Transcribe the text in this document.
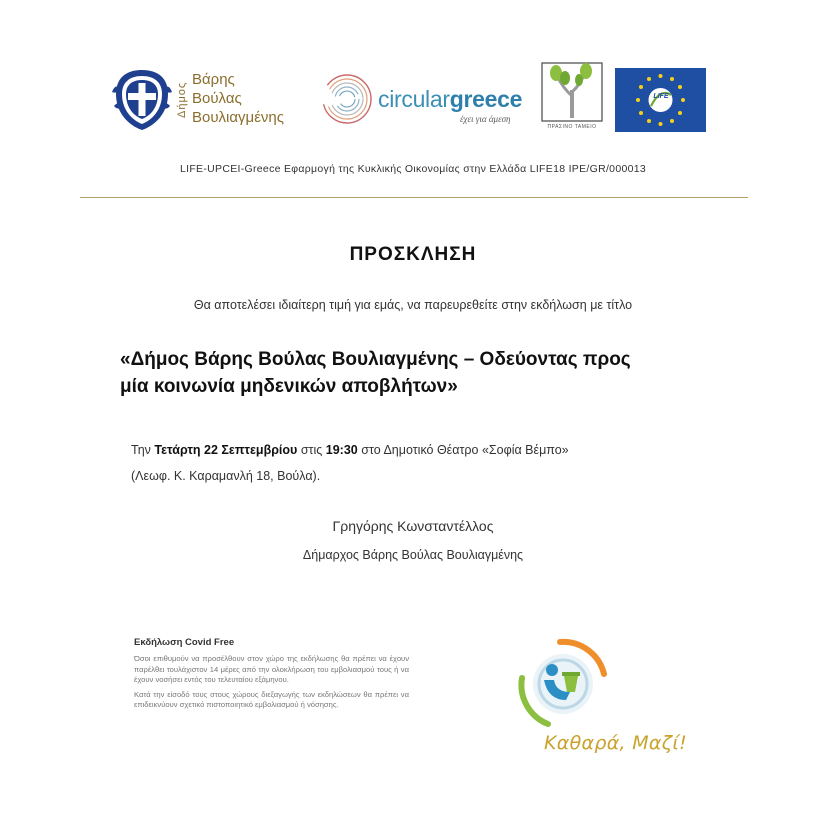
Δήμος
Βάρης
Βούλας
Βουλιαγμένης
circulargreece
έχει για άμεση
ΠΡΑΣΙΝΟ ΤΑΜΕΙΟ
LIFE
LIFE-UPCEI-Greece Εφαρμογή της Κυκλικής Οικονομίας στην Ελλάδα LIFE18 IPE/GR/000013
ΠΡΟΣΚΛΗΣΗ
Θα αποτελέσει ιδιαίτερη τιμή για εμάς, να παρευρεθείτε στην εκδήλωση με τίτλο
«Δήμος Βάρης Βούλας Βουλιαγμένης – Οδεύοντας προς
μία κοινωνία μηδενικών αποβλήτων»
Την Τετάρτη 22 Σεπτεμβρίου στις 19:30 στο Δημοτικό Θέατρο «Σοφία Βέμπο»
(Λεωφ. Κ. Καραμανλή 18, Βούλα).
Γρηγόρης Κωνσταντέλλος
Δήμαρχος Βάρης Βούλας Βουλιαγμένης
Εκδήλωση Covid Free

Όσοι επιθυμούν να προσέλθουν στον χώρο της εκδήλωσης θα πρέπει να έχουν παρέλθει τουλάχιστον 14 μέρες από την ολοκλήρωση του εμβολιασμού τους ή να έχουν νοσήσει εντός του τελευταίου εξάμηνου.

Κατά την είσοδό τους στους χώρους διεξαγωγής των εκδηλώσεων θα πρέπει να επιδεικνύουν σχετικό πιστοποιητικό εμβολιασμού ή νόσησης.

Καθαρά, Μαζί!
